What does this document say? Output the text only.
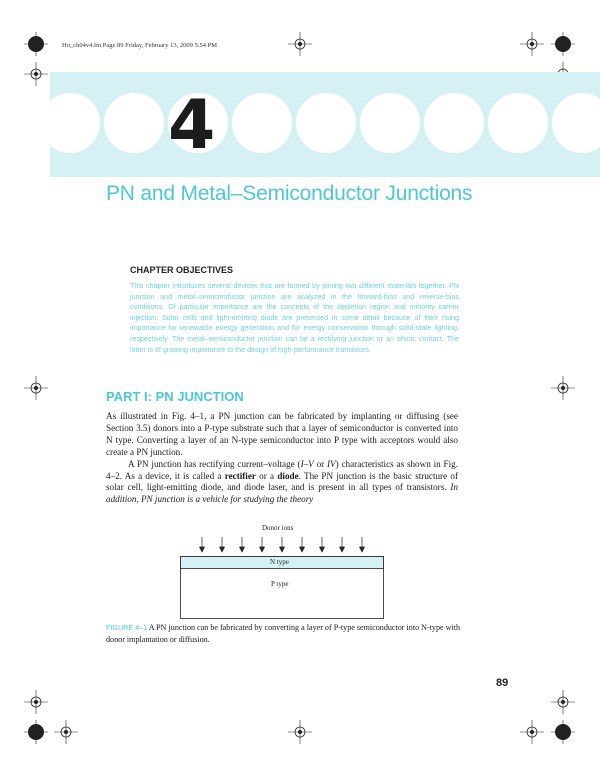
Hu_ch04v4.fm Page 89 Friday, February 13, 2009 5:54 PM
4
PN and Metal–Semiconductor Junctions
CHAPTER OBJECTIVES

This chapter introduces several devices that are formed by joining two different materials together. PN junction and metal–semiconductor junction are analyzed in the forward-bias and reverse-bias conditions. Of particular importance are the concepts of the depletion region and minority carrier injection. Solar cells and light-emitting diode are presented in some detail because of their rising importance for renewable energy generation and for energy conservation through solid-state lighting, respectively. The metal–semiconductor junction can be a rectifying junction or an ohmic contact. The latter is of growing importance to the design of high-performance transistors.

PART I: PN JUNCTION

As illustrated in Fig. 4–1, a PN junction can be fabricated by implanting or diffusing (see Section 3.5) donors into a P-type substrate such that a layer of semiconductor is converted into N type. Converting a layer of an N-type semiconductor into P type with acceptors would also create a PN junction.

A PN junction has rectifying current–voltage (I–V or IV) characteristics as shown in Fig. 4–2. As a device, it is called a rectifier or a diode. The PN junction is the basic structure of solar cell, light-emitting diode, and diode laser, and is present in all types of transistors. In addition, PN junction is a vehicle for studying the theory

Donor ions
N type
P type

FIGURE 4–1 A PN junction can be fabricated by converting a layer of P-type semiconductor into N-type with donor implantation or diffusion.

89
